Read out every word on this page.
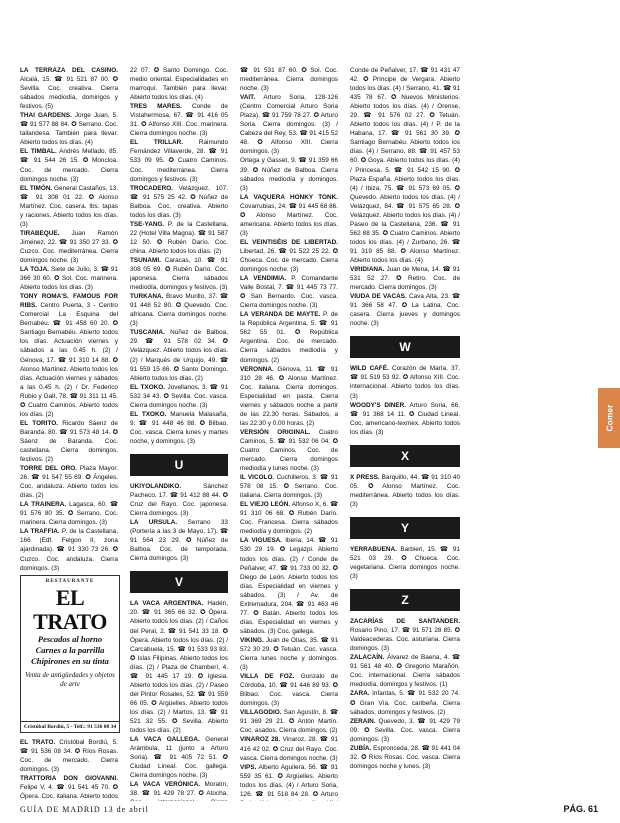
LA TERRAZA DEL CASINO. Alcalá, 15. ☎ 91 521 87 00. ✪ Sevilla. Coc. creativa. Cierra sábados mediodía, domingos y festivos. (5)

THAI GARDENS. Jorge Juan, 5. ☎ 91 577 88 84. ✪ Serrano. Coc. tailandesa. También para llevar. Abierto todos los días. (4)

EL TIMBAL. Andrés Mellado, 85. ☎ 91 544 26 15. ✪ Moncloa. Coc. de mercado. Cierra domingos noche. (3)

EL TIMÓN. General Castaños, 13. ☎ 91 308 01 22. ✪ Alonso Martínez. Coc. casera. Ibs. tapas y raciones. Abierto todos los días. (3)

TIRABEQUE. Juan Ramón Jiménez, 22. ☎ 91 350 27 33. ✪ Cuzco. Coc. mediterránea. Cierra domingos noche. (3)

LA TOJA. Siete de Julio, 3. ☎ 91 366 30 60. ✪ Sol. Coc. marinera. Abierto todos los días. (3)

TONY ROMA'S. FAMOUS FOR RIBS. Centro Puerta, 3 - Centro Comercial La Esquina del Bernabéu. ☎ 91 458 60 20. ✪ Santiago Bernabéu. Abierto todos los días. Actuación viernes y sábados a las 0.45 h. (2) / Génova, 17. ☎ 91 310 14 88. ✪ Alonso Martínez. Abierto todos los días. Actuación viernes y sábados a las 0.45 h. (2) / Dr. Federico Rubio y Galí, 78. ☎ 91 311 11 45. ✪ Cuatro Caminos. Abierto todos los días. (2)

EL TORITO. Ricardo Sáenz de Baranda. 80. ☎ 91 573 48 14. ✪ Sáenz de Baranda. Coc. castellana. Cierra domingos. festivos. (2)

TORRE DEL ORO. Plaza Mayor. 26. ☎ 91 547 55 69. ✪ Ángeles. Coc. andaluza. Abierto todos los días. (2)

LA TRAINERA. Lagasca, 60. ☎ 91 576 80 35. ✪ Serrano. Coc. marinera. Cierra domingos. (3)

LA TRAFFIA. P. de la Castellana, 166 (Edf. Felgon II, zona ajardinada). ☎ 91 330 73 26. ✪ Cuzco. Coc. andaluza. Cierra domingos. (3)

RESTAURANTE
EL TRATO
Pescados al horno
Carnes a la parrilla
Chipirones en su tinta
Venta de antigüedades y objetos de arte
Cristóbal Bordiú, 5 - Telf.: 91 536 08 34

EL TRATO. Cristóbal Bordiú, 5. ☎ 91 536 08 34. ✪ Ríos Rosas. Coc. de mercado. Cierra domingos. (3)

TRATTORIA DON GIOVANNI. Felipe V, 4. ☎ 91 541 45 70. ✪ Ópera. Coc. italiana. Abierto todos

22 07. ✪ Santo Domingo. Coc. medio oriental. Especialidades en marroquí. También para llevar. Abierto todos los días. (4)

TRES MARES. Conde de Vistahermosa, 67. ☎ 91 416 05 31. ✪ Alfonso XIII. Coc. marinera. Cierra domingos noche. (3)

EL TRILLAR. Raimundo Fernández Villaverde, 28. ☎ 91 533 09 95. ✪ Cuatro Caminos. Coc. mediterránea. Cierra domingos y festivos. (3)

TROCADERO. Velázquez, 107. ☎ 91 575 25 42. ✪ Núñez de Balboa. Coc. creativa. Abierto todos los días. (3)

TSE-YANG. P. de la Castellana, 22 (Hotel Villa Magna). ☎ 91 587 12 50. ✪ Rubén Darío. Coc. china. Abierto todos los días. (2)

TSUNAMI. Caracas, 10. ☎ 91 308 05 69. ✪ Rubén Darío. Coc. japonesa. Cierra sábados mediodía, domingos y festivos. (3)

TURKANA. Bravo Murillo, 37. ☎ 91 448 52 80. ✪ Quevedo. Coc. africana. Cierra domingos noche. (3)

TUSCANIA. Núñez de Balboa, 29. ☎ 91 578 02 34. ✪ Velázquez. Abierto todos los días. (2) / Marqués de Urquijo, 49. ☎ 91 559 15 86. ✪ Santo Domingo. Abierto todos los días. (2)

EL TXOKO. Jovellanos, 3. ☎ 91 532 34 43. ✪ Sevilla. Coc. vasca. Cierra domingos noche. (3)

EL TXOKO. Manuela Malasaña, 9. ☎ 91 448 46 88. ✪ Bilbao. Coc. vasca. Cierra lunes y martes noche, y domingos. (3)

U

UKIYOLANDIKO.	Sánchez Pacheco, 17. ☎ 91 412 88 44. ✪ Cruz del Rayo. Coc. japonesa. Cierra domingos. (3)

LA URSULA. Serrano 33 (Portería a las 3 de Mayo, 17). ☎ 91 564 23 29. ✪ Núñez de Balboa. Coc. de temporada. Cierra domingos. (3)

V

LA VACA ARGENTINA. Hadén, 20. ☎ 91 365 66 32. ✪ Ópera. Abierto todos los días. (2) / Caños del Peral, 2. ☎ 91 541 33 18. ✪ Ópera. Abierto todos los días. (2) / Carcabuela, 15. ☎ 91 533 93 83. ✪ Islas Filipinas. Abierto todos los días. (2) / Plaza de Chamberí, 4. ☎ 91 445 17 19. ✪ Iglesia. Abierto todos los días. (2) / Paseo del Pintor Rosales, 52. ☎ 91 559 66 05. ✪ Argüelles. Abierto todos los días. (2) / Martos, 13. ☎ 91 521 32 55. ✪ Sevilla. Abierto todos los días. (2)

LA VACA GALLEGA. General Arámbula, 11 (junto a Arturo Soria). ☎ 91 405 72 51. ✪ Ciudad Lineal. Coc. gallega. Cierra domingos noche. (3)

LA VACA VERÓNICA. Moratín, 38. ☎ 91 429 78 27. ✪ Atocha.

☎ 91 531 87 60. ✪ Sol. Coc. mediterránea. Cierra domingos noche. (3)

VAIT. Arturo Soria, 128-126 (Centro Comercial Arturo Soria Plaza). ☎ 91 759 78 27. ✪ Arturo Soria. Cierra domingos. (3) / Cabeza del Rey, 53. ☎ 91 415 52 48. ✪ Alfonso XIII. Cierra domingos. (3)

Ortega y Gasset, 9. ☎ 91 359 66 39. ✪ Núñez de Balboa. Cierra sábados mediodía y domingos. (3)

LA VAQUERA HONKY TONK. Covarrubias, 24. ☎ 91 445 68 86. ✪ Alonso Martínez. Coc. americana. Abierto todos los días. (3)

EL VEINTISÉIS DE LIBERTAD. Libertad, 26. ☎ 91 522 25 22. ✪ Chueca. Coc. de mercado. Cierra domingos noche. (3)

LA VENDIMIA. P. Comandante Valle Bostal, 7. ☎ 91 445 73 77. ✪ San Bernardo. Coc. vasca. Cierra domingos noche. (3)

LA VERANDA DE MAYTE. P. de la República Argentina, 5. ☎ 91 562 55 01. ✪ República Argentina. Coc. de mercado. Cierra sábados mediodía y domingos. (2)

VERONNA. Génova, 11. ☎ 91 310 28 46. ✪ Alonso Martínez. Coc. italiana. Cierra domingos. Especialidad en pasta. Cierra viernes y sábados noche a partir de las 22.30 horas. Sábados, a las 22.30 y 0.00 horas. (2)

VERSIÓN ORIGINAL. Cuatro Caminos, 5. ☎ 91 532 06 04. ✪ Cuatro Caminos. Coc. de mercado. Cierra domingos mediodía y lunes noche. (3)

IL VICOLO. Cuchilleros, 3. ☎ 91 578 08 15. ✪ Serrano. Coc. italiana. Cierra domingos. (3)

EL VIEJO LEÓN. Alfonso X, 6. ☎ 91 310 06 68. ✪ Rubén Darío. Coc. Francesa. Cierra sábados mediodía y domingos. (2)

LA VIGUESA. Iberia, 14. ☎ 91 530 29 19. ✪ Legazpi. Abierto todos los días. (2) / Conde de Peñalver, 47. ☎ 91 733 00 32. ✪ Diego de León. Abierto todos los días. Especialidad en viernes y sábados. (3) / Av. de Extremadura, 204. ☎ 91 463 46 77. ✪ Batán. Abierto todos los días. Especialidad en viernes y sábados. (3) Coc. gallega.

VIKING. Juan de Olías, 35. ☎ 91 572 30 29. ✪ Tetuán. Coc. vasca. Cierra lunes noche y domingos. (3)

VILLA DE FOZ. Gonzalo de Córdoba, 10. ☎ 91 446 89 93. ✪ Bilbao. Coc. vasca. Cierra domingos. (3)

VILLAGODIO. San Agustín, 8. ☎ 91 369 29 21. ✪ Antón Martín. Coc. asados. Cierra domingos. (2)

VINAROZ 28. Vinaroz, 28. ☎ 91 416 42 02. ✪ Cruz del Rayo. Coc. vasca. Cierra domingos noche. (3)

VIPS. Alberto Aguilera, 56. ☎ 91 559 35 61. ✪ Argüelles. Abierto todos los días. (4) / Arturo Soria, 126. ☎ 91 518 84 28. ✪ Arturo

Conde de Peñalver, 17. ☎ 91 431 47 42. ✪ Príncipe de Vergara. Abierto todos los días. (4) / Serrano, 41. ☎ 91 435 78 67. ✪ Nuevos Ministerios. Abierto todos los días. (4) / Orense, 29. ☎ 91 576 02 27. ✪ Tetuán. Abierto todos los días. (4) / P. de la Habana, 17. ☎ 91 561 30 39. ✪ Santiago Bernabéu. Abierto todos los días. (4) / Serrano, 88. ☎ 91 457 53 60. ✪ Goya. Abierto todos los días. (4) / Princesa, 5. ☎ 91 542 15 90. ✪ Plaza España. Abierto todos los días. (4) / Ibiza, 75. ☎ 91 573 69 05. ✪ Quevedo. Abierto todos los días. (4) / Velázquez, 84. ☎ 91 575 65 28. ✪ Velázquez. Abierto todos los días. (4) / Paseo de la Castellana, 236. ☎ 91 562 88 35. ✪ Cuatro Caminos. Abierto todos los días. (4) / Zurbano, 26. ☎ 91 319 85 88. ✪ Alonso Martínez. Abierto todos los días. (4)

VIRIDIANA. Juan de Mena, 14. ☎ 91 531 52 27. ✪ Retiro. Coc. de mercado. Cierra domingos. (3)

VIUDA DE VACAS. Cava Alta, 23. ☎ 91 366 58 47. ✪ La Latina. Coc. casera. Cierra jueves y domingos noche. (3)

W

WILD CAFÉ. Corazón de María, 37. ☎ 91 519 53 92. ✪ Alfonso XIII. Coc. internacional. Abierto todos los días. (3)

WOODY'S DINER. Arturo Soria, 66. ☎ 91 368 14 11. ✪ Ciudad Lineal. Coc. americano-texmex. Abierto todos los días. (3)

X

X PRESS. Barquillo, 44. ☎ 91 310 40 05. ✪ Alonso Martínez. Coc. mediterránea. Abierto todos los días. (3)

Y

YERRABUENA. Barbieri, 15. ☎ 91 521 03 29. ✪ Chueca. Coc. vegetariana. Cierra domingos noche. (3)

Z

ZACARÍAS DE SANTANDER. Rosario Pino, 17. ☎ 91 571 28 85. ✪ Valdeacederas. Coc. asturiana. Cierra domingos. (3)

ZALACAÍN. Álvarez de Baena, 4. ☎ 91 561 48 40. ✪ Gregorio Marañón. Coc. internacional. Cierra sábados mediodía, domingos y festivos. (1)

ZARA. Infantas, 5. ☎ 91 532 20 74. ✪ Gran Vía. Coc. caribeña. Cierra sábados, domingos y festivos. (2)

ZERAIN. Quevedo, 3. ☎ 91 429 79 09. ✪ Sevilla. Coc. vasca. Cierra domingos. (3)

ZUBÍA. Espronceda, 28. ☎ 91 441 04 32. ✪ Ríos Rosas. Coc. vasca. Cierra domingos noche y lunes. (3)

Comer
GUÍA DE MADRID 13 de abril	PÁG. 61
